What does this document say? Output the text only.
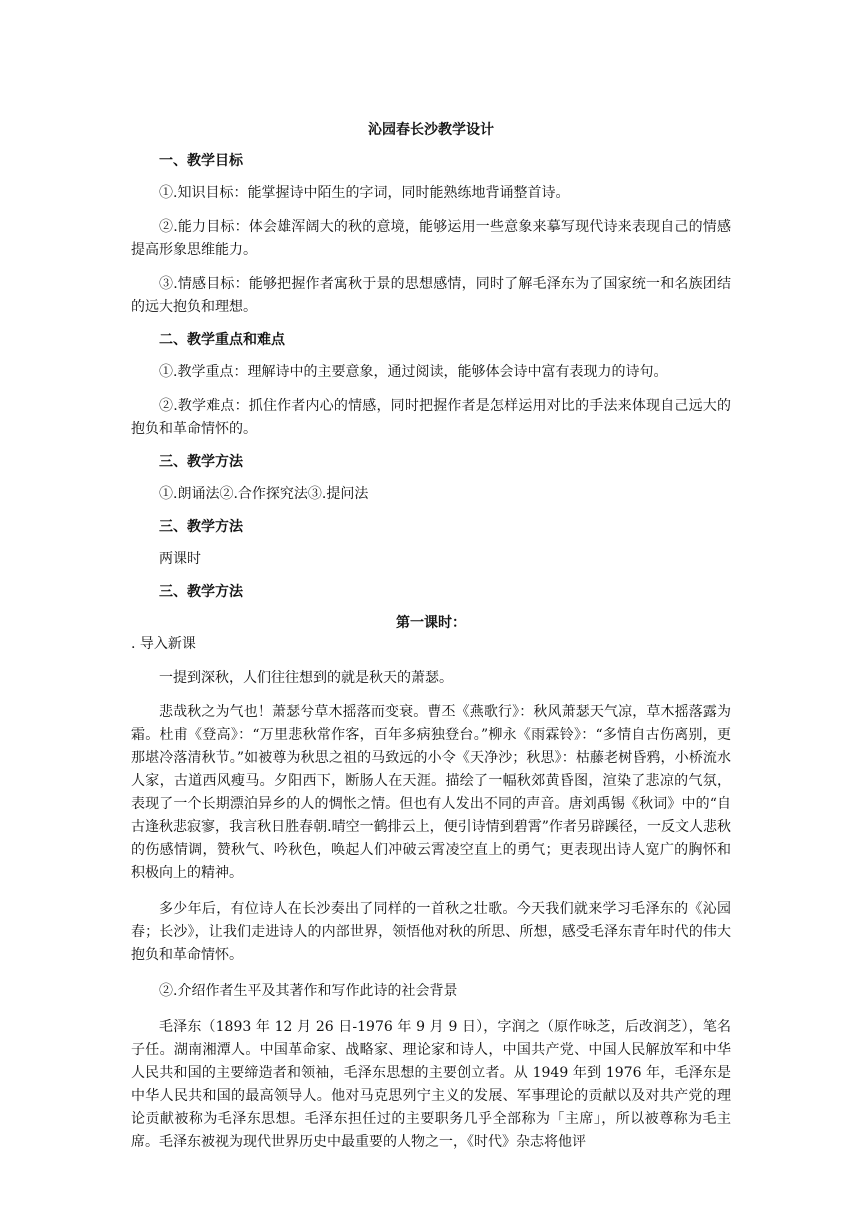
沁园春长沙教学设计

一、教学目标

①.知识目标：能掌握诗中陌生的字词，同时能熟练地背诵整首诗。

②.能力目标：体会雄浑阔大的秋的意境，能够运用一些意象来摹写现代诗来表现自己的情感提高形象思维能力。

③.情感目标：能够把握作者寓秋于景的思想感情，同时了解毛泽东为了国家统一和名族团结的远大抱负和理想。

二、教学重点和难点

①.教学重点：理解诗中的主要意象，通过阅读，能够体会诗中富有表现力的诗句。

②.教学难点：抓住作者内心的情感，同时把握作者是怎样运用对比的手法来体现自己远大的抱负和革命情怀的。

三、教学方法

①.朗诵法②.合作探究法③.提问法

三、教学方法

两课时

三、教学方法

第一课时：

. 导入新课

一提到深秋，人们往往想到的就是秋天的萧瑟。

悲哉秋之为气也！萧瑟兮草木摇落而变衰。曹丕《燕歌行》：秋风萧瑟天气凉，草木摇落露为霜。杜甫《登高》：“万里悲秋常作客，百年多病独登台。”柳永《雨霖铃》：“多情自古伤离别，更那堪冷落清秋节。”如被尊为秋思之祖的马致远的小令《天净沙；秋思》：枯藤老树昏鸦，小桥流水人家，古道西风瘦马。夕阳西下，断肠人在天涯。描绘了一幅秋郊黄昏图，渲染了悲凉的气氛，表现了一个长期漂泊异乡的人的惆怅之情。但也有人发出不同的声音。唐刘禹锡《秋词》中的“自古逢秋悲寂寥，我言秋日胜春朝.晴空一鹤排云上，便引诗情到碧霄”作者另辟蹊径，一反文人悲秋的伤感情调，赞秋气、吟秋色，唤起人们冲破云霄凌空直上的勇气；更表现出诗人宽广的胸怀和积极向上的精神。

多少年后，有位诗人在长沙奏出了同样的一首秋之壮歌。今天我们就来学习毛泽东的《沁园春；长沙》，让我们走进诗人的内部世界，领悟他对秋的所思、所想，感受毛泽东青年时代的伟大抱负和革命情怀。

②.介绍作者生平及其著作和写作此诗的社会背景

毛泽东（1893 年 12 月 26 日-1976 年 9 月 9 日），字润之（原作咏芝，后改润芝），笔名子任。湖南湘潭人。中国革命家、战略家、理论家和诗人，中国共产党、中国人民解放军和中华人民共和国的主要缔造者和领袖，毛泽东思想的主要创立者。从 1949 年到 1976 年，毛泽东是中华人民共和国的最高领导人。他对马克思列宁主义的发展、军事理论的贡献以及对共产党的理论贡献被称为毛泽东思想。毛泽东担任过的主要职务几乎全部称为「主席」，所以被尊称为毛主席。毛泽东被视为现代世界历史中最重要的人物之一，《时代》杂志将他评
